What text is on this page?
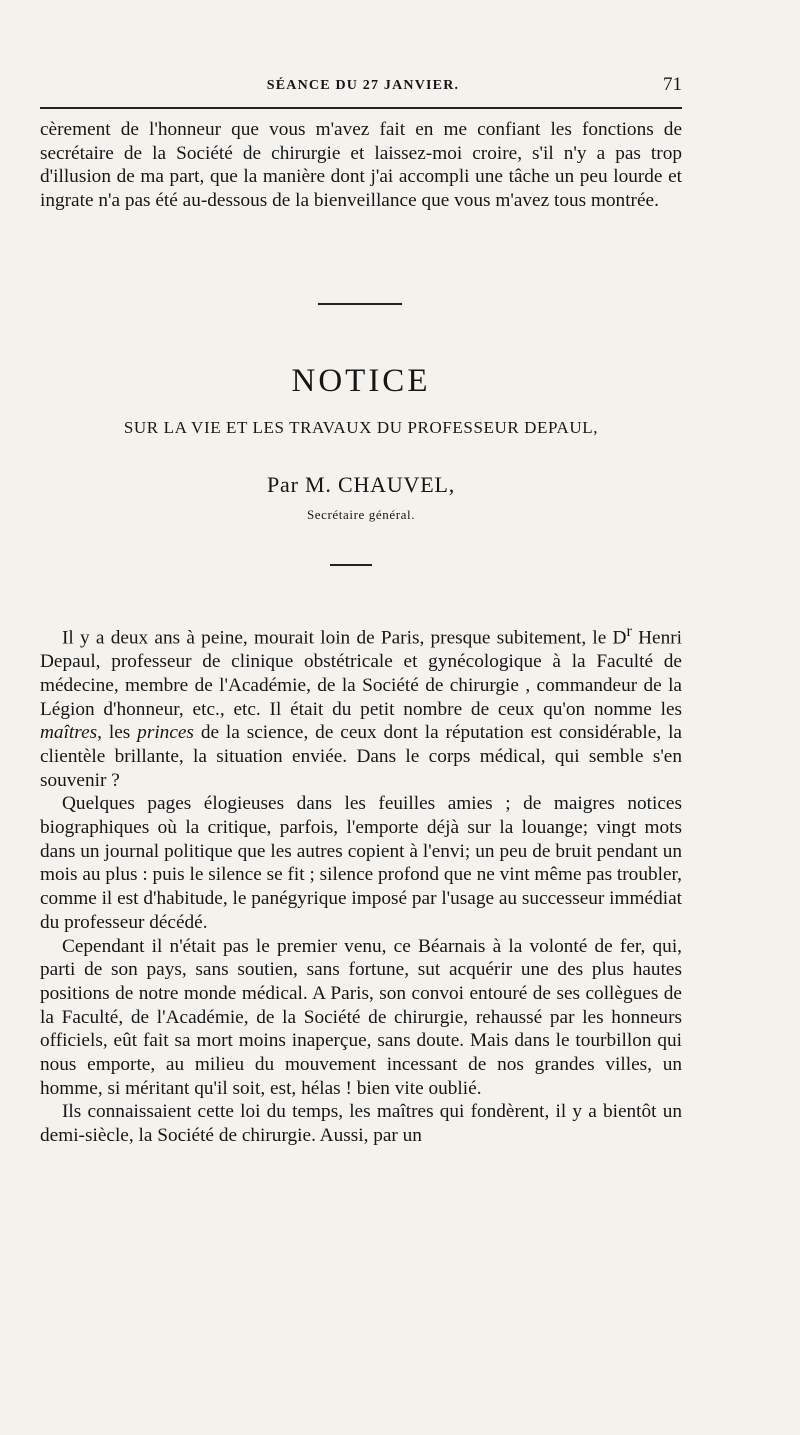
SÉANCE DU 27 JANVIER.	71

cèrement de l'honneur que vous m'avez fait en me confiant les fonctions de secrétaire de la Société de chirurgie et laissez-moi croire, s'il n'y a pas trop d'illusion de ma part, que la manière dont j'ai accompli une tâche un peu lourde et ingrate n'a pas été au-dessous de la bienveillance que vous m'avez tous montrée.

NOTICE
SUR LA VIE ET LES TRAVAUX DU PROFESSEUR DEPAUL,
Par M. CHAUVEL,
Secrétaire général.

Il y a deux ans à peine, mourait loin de Paris, presque subitement, le $D^r$ Henri Depaul, professeur de clinique obstétricale et gynécologique à la Faculté de médecine, membre de l'Académie, de la Société de chirurgie , commandeur de la Légion d'honneur, etc., etc. Il était du petit nombre de ceux qu'on nomme les maîtres, les princes de la science, de ceux dont la réputation est considérable, la clientèle brillante, la situation enviée. Dans le corps médical, qui semble s'en souvenir ?

Quelques pages élogieuses dans les feuilles amies ; de maigres notices biographiques où la critique, parfois, l'emporte déjà sur la louange; vingt mots dans un journal politique que les autres copient à l'envi; un peu de bruit pendant un mois au plus : puis le silence se fit ; silence profond que ne vint même pas troubler, comme il est d'habitude, le panégyrique imposé par l'usage au successeur immédiat du professeur décédé.

Cependant il n'était pas le premier venu, ce Béarnais à la volonté de fer, qui, parti de son pays, sans soutien, sans fortune, sut acquérir une des plus hautes positions de notre monde médical. A Paris, son convoi entouré de ses collègues de la Faculté, de l'Académie, de la Société de chirurgie, rehaussé par les honneurs officiels, eût fait sa mort moins inaperçue, sans doute. Mais dans le tourbillon qui nous emporte, au milieu du mouvement incessant de nos grandes villes, un homme, si méritant qu'il soit, est, hélas ! bien vite oublié.

Ils connaissaient cette loi du temps, les maîtres qui fondèrent, il y a bientôt un demi-siècle, la Société de chirurgie. Aussi, par un
